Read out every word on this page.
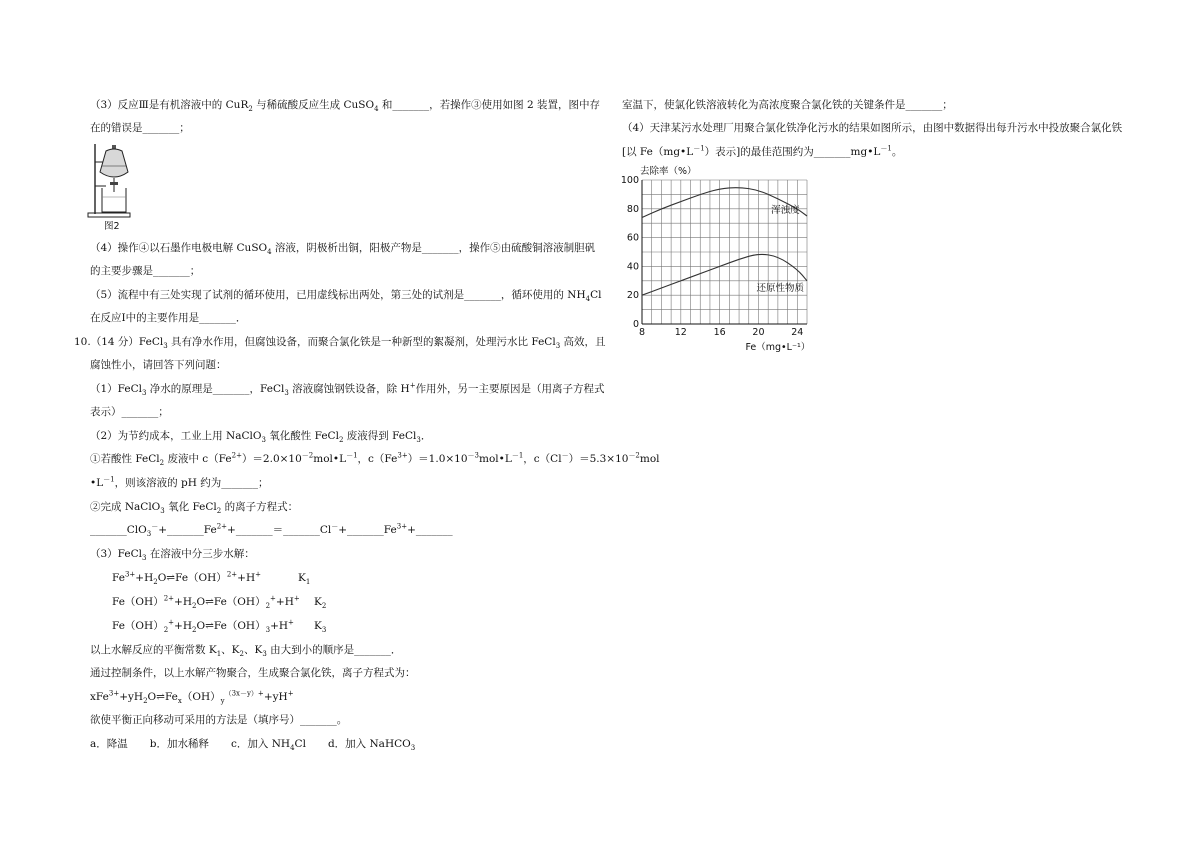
（3）反应Ⅲ是有机溶液中的 CuR$_2$ 与稀硫酸反应生成 CuSO$_4$ 和_______，若操作③使用如图 2 装置，图中存
在的错误是_______；
图2
（4）操作④以石墨作电极电解 CuSO$_4$ 溶液，阴极析出铜，阳极产物是_______，操作⑤由硫酸铜溶液制胆矾
的主要步骤是_______；
（5）流程中有三处实现了试剂的循环使用，已用虚线标出两处，第三处的试剂是_______，循环使用的 $NH_4Cl$
在反应Ⅰ中的主要作用是_______．
10.（14 分）FeCl$_3$ 具有净水作用，但腐蚀设备，而聚合氯化铁是一种新型的絮凝剂，处理污水比 FeCl$_3$ 高效，且
腐蚀性小，请回答下列问题：
（1）FeCl$_3$ 净水的原理是_______，FeCl$_3$ 溶液腐蚀钢铁设备，除 H+作用外，另一主要原因是（用离子方程式
表示）_______；
（2）为节约成本，工业上用 NaClO$_3$ 氧化酸性 FeCl$_2$ 废液得到 FeCl$_3$．
①若酸性 FeCl$_2$ 废液中 $c(Fe^{2+})=2.0\times 10^{-2}mol•L^{-1}$，$c(Fe^{3+})=1.0\times 10^{-3}mol•L^{-1}$，$c(Cl^-)=5.3\times 10^{-2}mol$
$•L^{-1}$，则该溶液的 pH 约为_______；
②完成 NaClO$_3$ 氧化 FeCl$_2$ 的离子方程式：
$\_\_\_\_\_\_\_ClO_3^-+\_\_\_\_\_\_\_Fe^{2+}+\_\_\_\_\_\_\_=\_\_\_\_\_\_\_Cl^-+\_\_\_\_\_\_\_Fe^{3+}+\_\_\_\_\_\_\_$
（3）FeCl$_3$ 在溶液中分三步水解：
$Fe^{3+}+H_2O\rightleftharpoons Fe(OH)^{2+}+H^+$	$K_1$
$Fe(OH)^{2+}+H_2O\rightleftharpoons Fe(OH)_2^++H^+$ $K_2$
$Fe(OH)_2^++H_2O\rightleftharpoons Fe(OH)_3+H^+$ $K_3$
以上水解反应的平衡常数 $K_1$、$K_2$、$K_3$ 由大到小的顺序是_______．
通过控制条件，以上水解产物聚合，生成聚合氯化铁，离子方程式为：
$xFe^{3+}+yH_2O\rightleftharpoons Fe_x(OH)_y^{(3x-y)+}+yH^+$
欲使平衡正向移动可采用的方法是（填序号）_______。
a．降温 b．加水稀释 c．加入 $NH_4Cl$ d．加入 NaHCO$_3$
室温下，使氯化铁溶液转化为高浓度聚合氯化铁的关键条件是_______；
（4）天津某污水处理厂用聚合氯化铁净化污水的结果如图所示，由图中数据得出每升污水中投放聚合氯化铁
[以 $Fe(mg•L^{-1})$表示]的最佳范围约为$\_\_\_\_\_\_\_mg•L^{-1}$。
8	12	16	20	24
0
20
40
60
80
100
去除率（%）
Fe（mg•L⁻¹）
浑浊度
还原性物质
